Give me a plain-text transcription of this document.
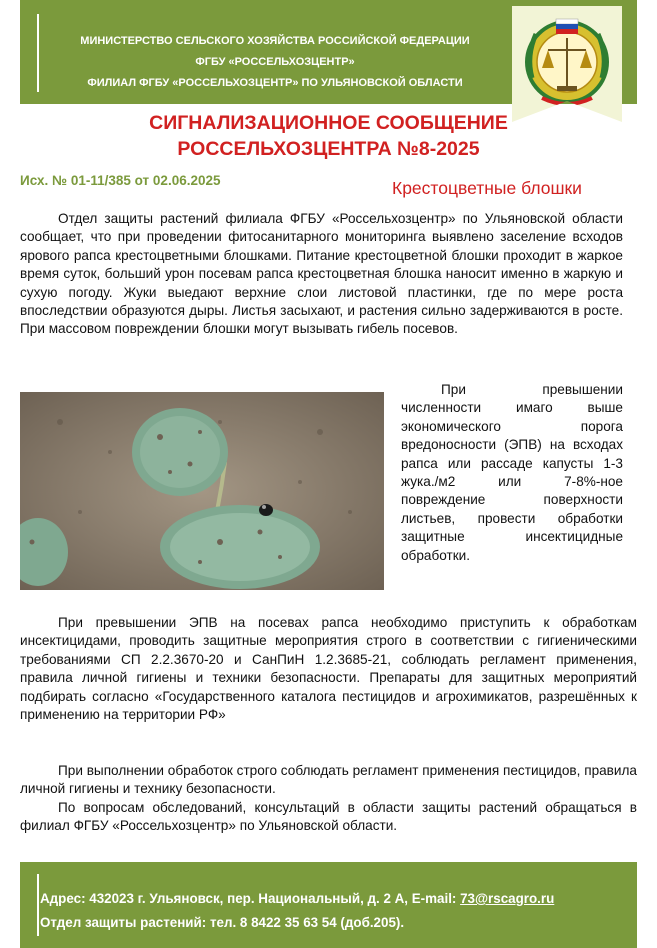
МИНИСТЕРСТВО СЕЛЬСКОГО ХОЗЯЙСТВА РОССИЙСКОЙ ФЕДЕРАЦИИ
ФГБУ «РОССЕЛЬХОЗЦЕНТР»
ФИЛИАЛ ФГБУ «РОССЕЛЬХОЗЦЕНТР» ПО УЛЬЯНОВСКОЙ ОБЛАСТИ
СИГНАЛИЗАЦИОННОЕ СООБЩЕНИЕ
РОССЕЛЬХОЗЦЕНТРА №8-2025
Исх. № 01-11/385 от 02.06.2025	Крестоцветные блошки

Отдел защиты растений филиала ФГБУ «Россельхозцентр» по Ульяновской области сообщает, что при проведении фитосанитарного мониторинга выявлено заселение всходов ярового рапса крестоцветными блошками. Питание крестоцветной блошки проходит в жаркое время суток, больший урон посевам рапса крестоцветная блошка наносит именно в жаркую и сухую погоду. Жуки выедают верхние слои листовой пластинки, где по мере роста впоследствии образуются дыры. Листья засыхают, и растения сильно задерживаются в росте. При массовом повреждении блошки могут вызывать гибель посевов.

При превышении численности имаго выше экономического порога вредоносности (ЭПВ) на всходах рапса или рассаде капусты 1-3 жука./м2 или 7-8%-ное повреждение поверхности листьев, провести обработки защитные инсектицидные обработки.

При превышении ЭПВ на посевах рапса необходимо приступить к обработкам инсектицидами, проводить защитные мероприятия строго в соответствии с гигиеническими требованиями СП 2.2.3670-20 и СанПиН 1.2.3685-21, соблюдать регламент применения, правила личной гигиены и техники безопасности. Препараты для защитных мероприятий подбирать согласно «Государственного каталога пестицидов и агрохимикатов, разрешённых к применению на территории РФ»

При выполнении обработок строго соблюдать регламент применения пестицидов, правила личной гигиены и технику безопасности.

По вопросам обследований, консультаций в области защиты растений обращаться в филиал ФГБУ «Россельхозцентр» по Ульяновской области.

Адрес: 432023 г. Ульяновск, пер. Национальный, д. 2 А, E-mail: 73@rscagro.ru
Отдел защиты растений: тел. 8 8422 35 63 54 (доб.205).
